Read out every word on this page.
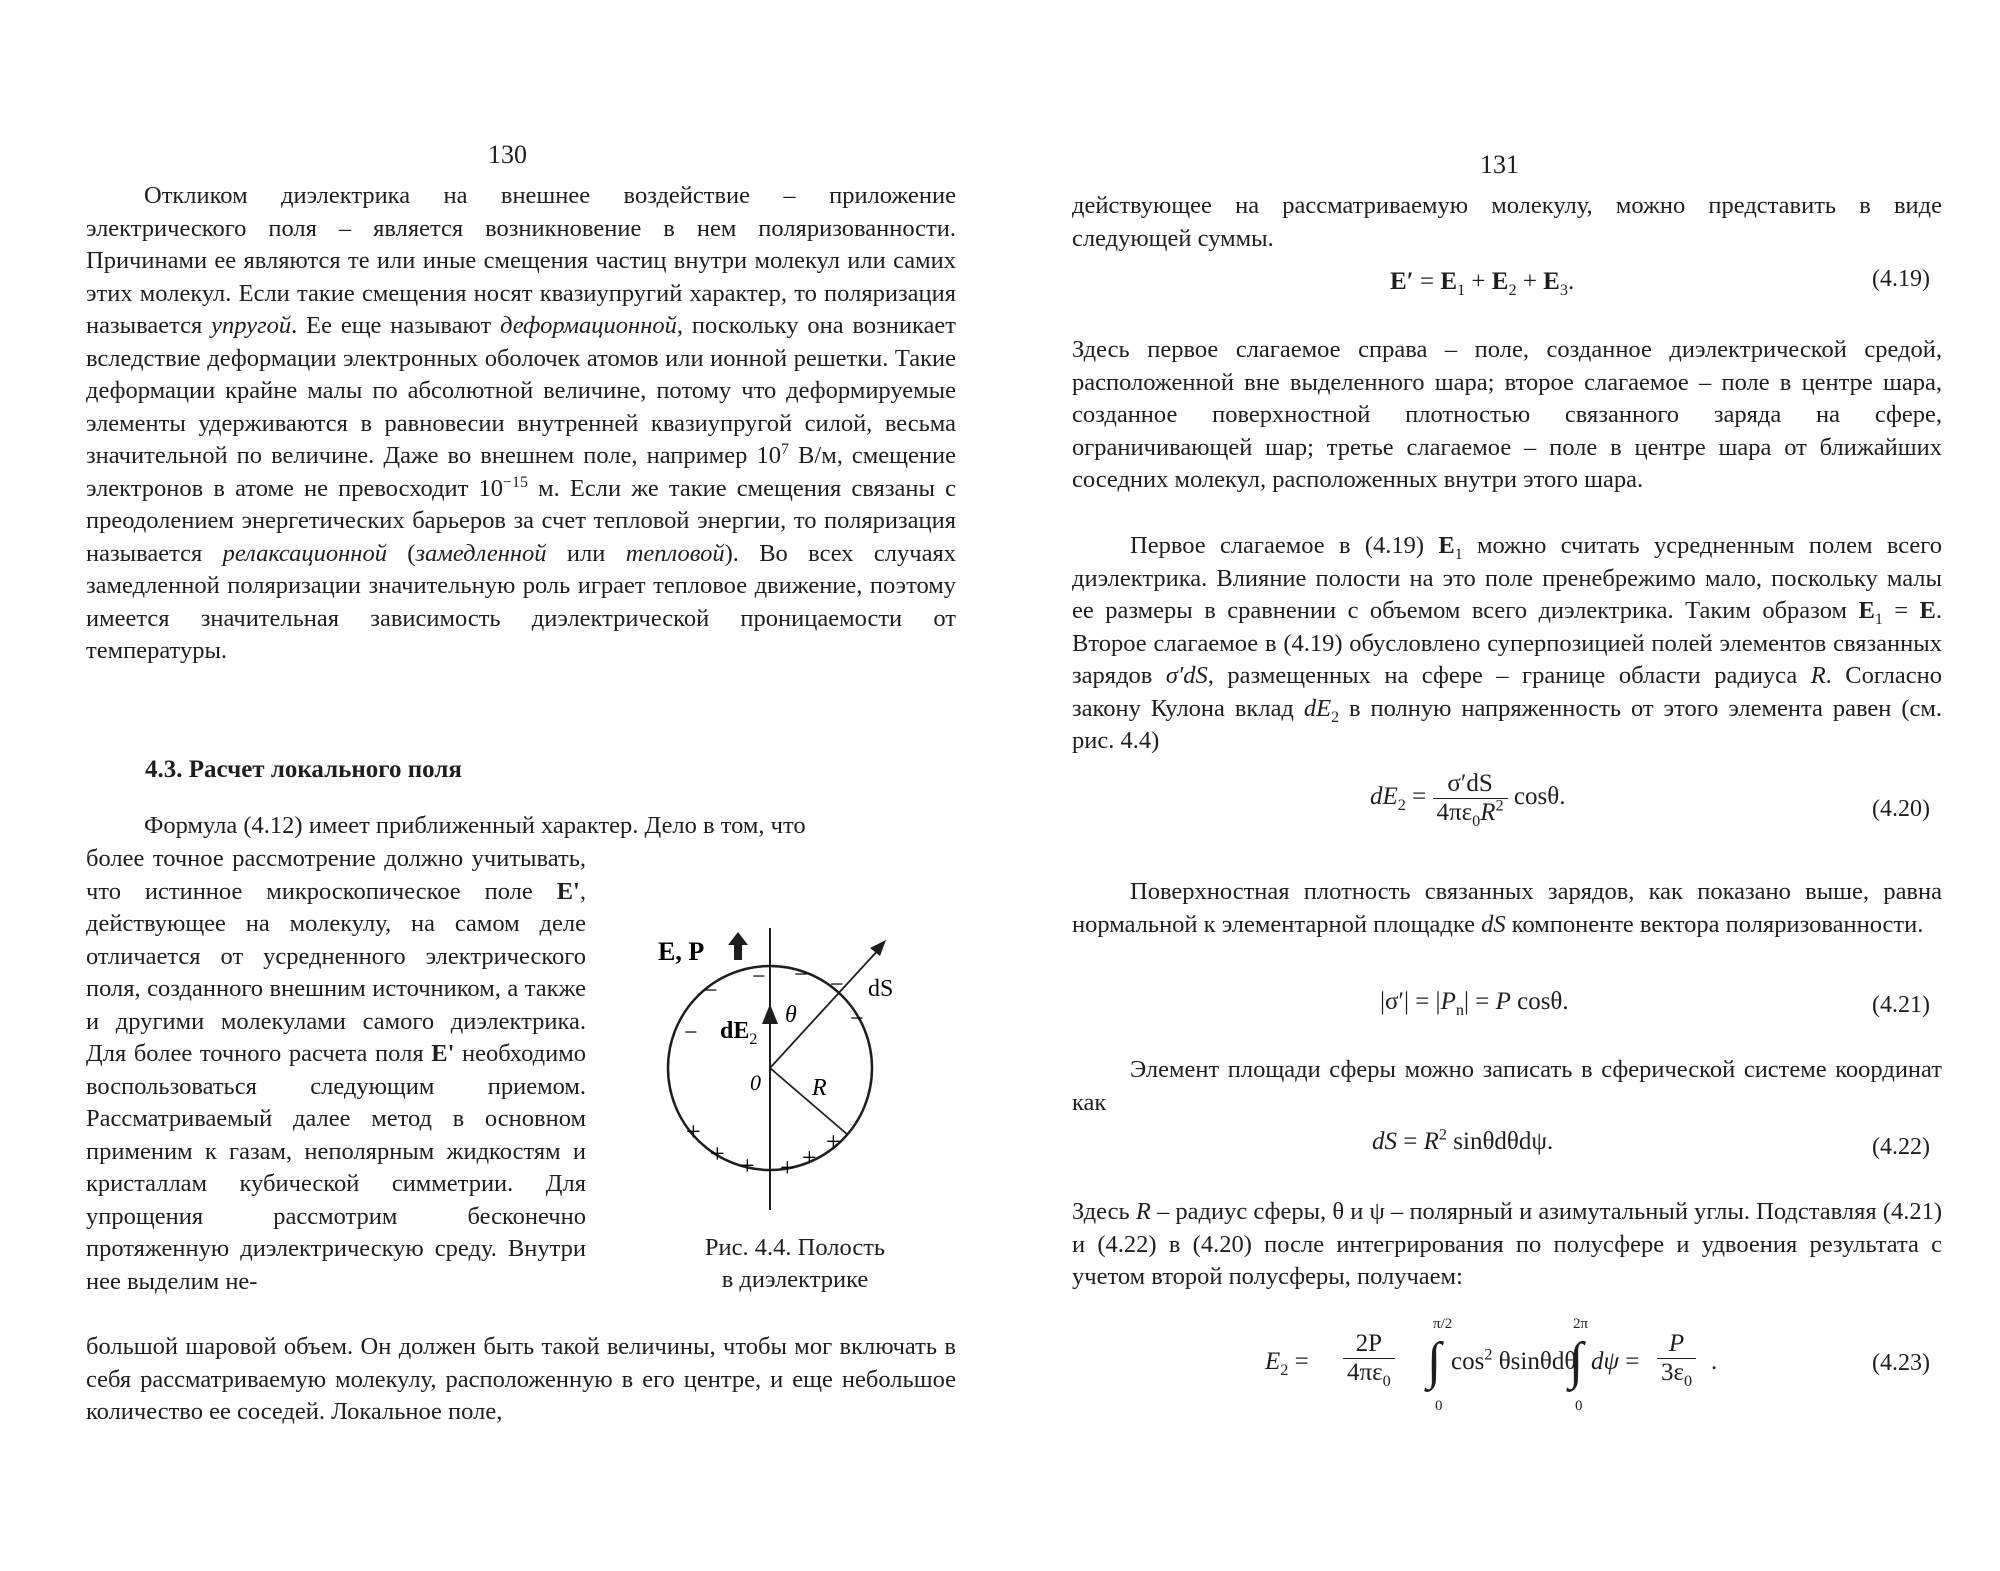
130

Откликом диэлектрика на внешнее воздействие – приложение электрического поля – является возникновение в нем поляризованности. Причинами ее являются те или иные смещения частиц внутри молекул или самих этих молекул. Если такие смещения носят квазиупругий характер, то поляризация называется упругой. Ее еще называют деформационной, поскольку она возникает вследствие деформации электронных оболочек атомов или ионной решетки. Такие деформации крайне малы по абсолютной величине, потому что деформируемые элементы удерживаются в равновесии внутренней квазиупругой силой, весьма значительной по величине. Даже во внешнем поле, например $10^7$ В/м, смещение электронов в атоме не превосходит $10^{-15}$ м. Если же такие смещения связаны с преодолением энергетических барьеров за счет тепловой энергии, то поляризация называется релаксационной (замедленной или тепловой). Во всех случаях замедленной поляризации значительную роль играет тепловое движение, поэтому имеется значительная зависимость диэлектрической проницаемости от температуры.

4.3. Расчет локального поля

Формула (4.12) имеет приближенный характер. Дело в том, что

более точное рассмотрение должно учитывать, что истинное микроскопическое поле E', действующее на молекулу, на самом деле отличается от усредненного электрического поля, созданного внешним источником, а также и другими молекулами самого диэлектрика. Для более точного расчета поля E' необходимо воспользоваться следующим приемом. Рассматриваемый далее метод в основном применим к газам, неполярным жидкостям и кристаллам кубической симметрии. Для упрощения рассмотрим бесконечно протяженную диэлектрическую среду. Внутри нее выделим не-

большой шаровой объем. Он должен быть такой величины, чтобы мог включать в себя рассматриваемую молекулу, расположенную в его центре, и еще небольшое количество ее соседей. Локальное поле,

E, P
θ
dS
$dE_2$
0 R
−
− − −
−
−
+
+ + + +
+
Рис. 4.4. Полость
в диэлектрике
131

действующее на рассматриваемую молекулу, можно представить в виде следующей суммы.

$E' = E_1 + E_2 + E_3$.	(4.19)

Здесь первое слагаемое справа – поле, созданное диэлектрической средой, расположенной вне выделенного шара; второе слагаемое – поле в центре шара, созданное поверхностной плотностью связанного заряда на сфере, ограничивающей шар; третье слагаемое – поле в центре шара от ближайших соседних молекул, расположенных внутри этого шара.

Первое слагаемое в (4.19) $E_1$ можно считать усредненным полем всего диэлектрика. Влияние полости на это поле пренебрежимо мало, поскольку малы ее размеры в сравнении с объемом всего диэлектрика. Таким образом $E_1 = E$. Второе слагаемое в (4.19) обусловлено суперпозицией полей элементов связанных зарядов σ′dS, размещенных на сфере – границе области радиуса R. Согласно закону Кулона вклад $dE_2$ в полную напряженность от этого элемента равен (см. рис. 4.4)

$dE_2 = \frac{\sigma'dS}{4\pi\varepsilon_0R^2} \cos\theta$.	(4.20)

Поверхностная плотность связанных зарядов, как показано выше, равна нормальной к элементарной площадке dS компоненте вектора поляризованности.

$|\sigma'| = |P_n| = P$ cosθ.	(4.21)

Элемент площади сферы можно записать в сферической системе координат как

dS = $R^2$ sinθdθdψ.	(4.22)

Здесь R – радиус сферы, θ и ψ – полярный и азимутальный углы. Подставляя (4.21) и (4.22) в (4.20) после интегрирования по полусфере и удвоения результата с учетом второй полусферы, получаем:

$E_2 = \frac{2P}{4\pi\varepsilon_0}$
π/2
∫
0
$\cos^2 \theta\sin\theta d\theta$
2π
∫
0
$d\psi = \frac{P}{3\varepsilon_0}$ .	(4.23)
